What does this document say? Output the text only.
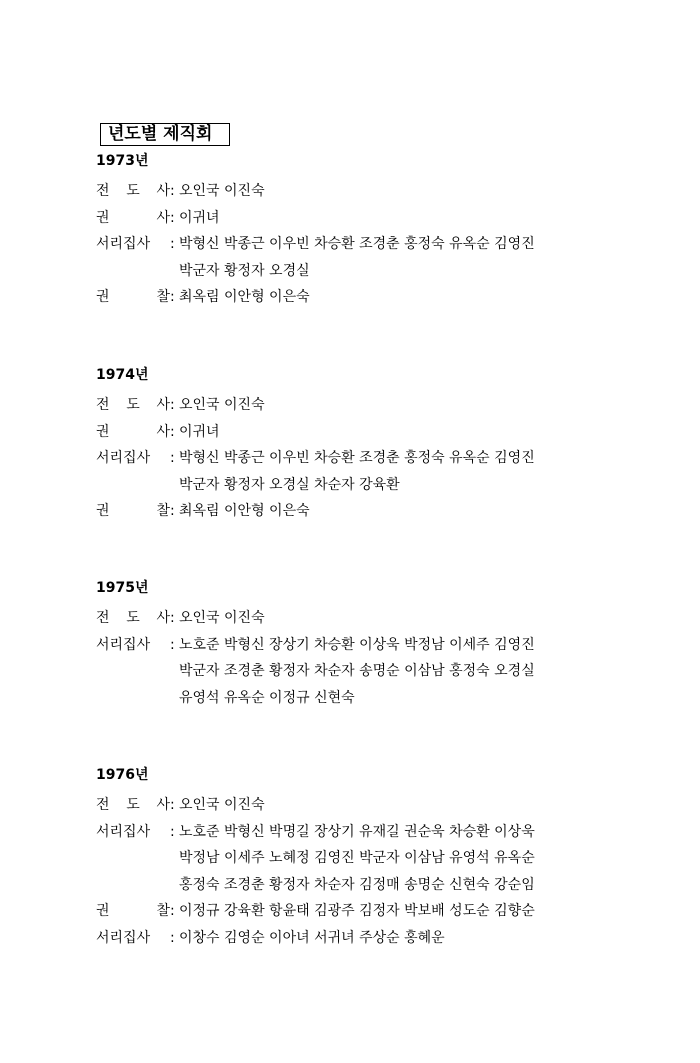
년도별 제직회
1973년
전 도 사 : 오인국 이진숙
권	사 : 이귀녀
서리집사 : 박형신 박종근 이우빈 차승환 조경춘 홍정숙 유옥순 김영진
박군자 황정자 오경실
권	찰 : 최옥림 이안형 이은숙
1974년
전 도 사 : 오인국 이진숙
권	사 : 이귀녀
서리집사 : 박형신 박종근 이우빈 차승환 조경춘 홍정숙 유옥순 김영진
박군자 황정자 오경실 차순자 강육환
권	찰 : 최옥림 이안형 이은숙
1975년
전 도 사 : 오인국 이진숙
서리집사 : 노호준 박형신 장상기 차승환 이상욱 박정남 이세주 김영진
박군자 조경춘 황정자 차순자 송명순 이삼남 홍정숙 오경실
유영석 유옥순 이정규 신현숙
1976년
전 도 사 : 오인국 이진숙
서리집사 : 노호준 박형신 박명길 장상기 유재길 권순욱 차승환 이상욱
박정남 이세주 노혜정 김영진 박군자 이삼남 유영석 유옥순
홍정숙 조경춘 황정자 차순자 김정매 송명순 신현숙 강순임
권	찰 : 이정규 강육환 항윤태 김광주 김정자 박보배 성도순 김향순
서리집사 : 이창수 김영순 이아녀 서귀녀 주상순 홍혜운
